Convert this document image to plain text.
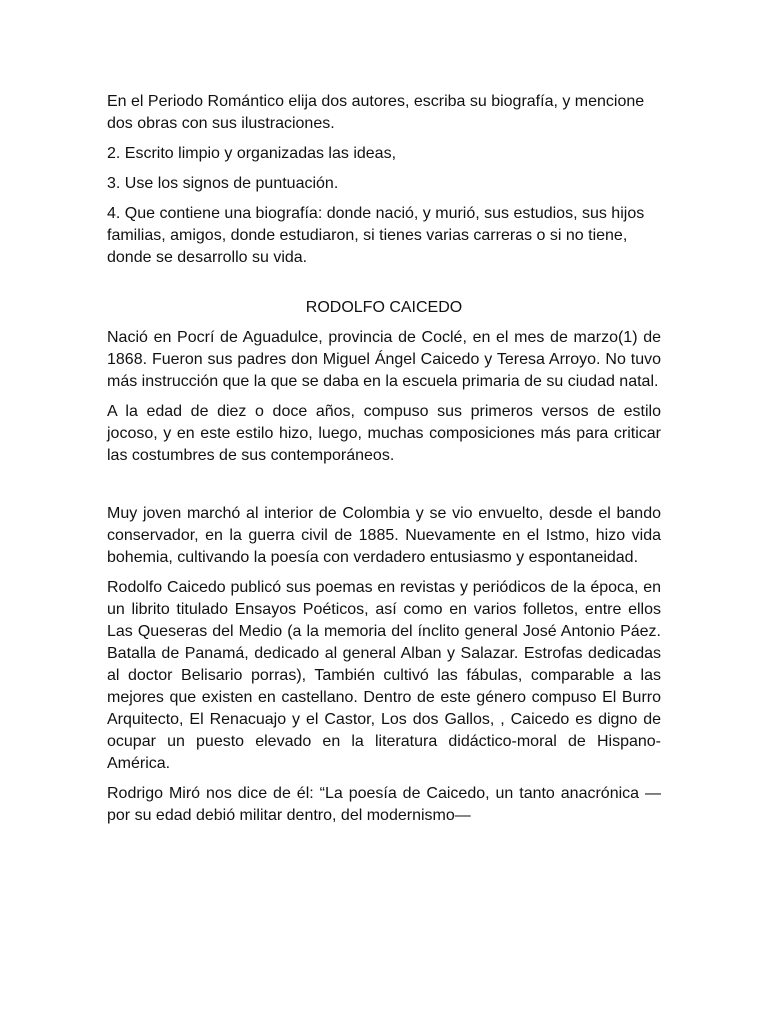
En el Periodo Romántico elija dos autores, escriba su biografía, y mencione dos obras con sus ilustraciones.

2. Escrito limpio y organizadas las ideas,

3. Use los signos de puntuación.

4. Que contiene una biografía: donde nació, y murió, sus estudios, sus hijos familias, amigos, donde estudiaron, si tienes varias carreras o si no tiene, donde se desarrollo su vida.

RODOLFO CAICEDO

Nació en Pocrí de Aguadulce, provincia de Coclé, en el mes de marzo(1) de 1868. Fueron sus padres don Miguel Ángel Caicedo y Teresa Arroyo. No tuvo más instrucción que la que se daba en la escuela primaria de su ciudad natal.

A la edad de diez o doce años, compuso sus primeros versos de estilo jocoso, y en este estilo hizo, luego, muchas composiciones más para criticar las costumbres de sus contemporáneos.

Muy joven marchó al interior de Colombia y se vio envuelto, desde el bando conservador, en la guerra civil de 1885. Nuevamente en el Istmo, hizo vida bohemia, cultivando la poesía con verdadero entusiasmo y espontaneidad.

Rodolfo Caicedo publicó sus poemas en revistas y periódicos de la época, en un librito titulado Ensayos Poéticos, así como en varios folletos, entre ellos Las Queseras del Medio (a la memoria del ínclito general José Antonio Páez. Batalla de Panamá, dedicado al general Alban y Salazar. Estrofas dedicadas al doctor Belisario porras), También cultivó las fábulas, comparable a las mejores que existen en castellano. Dentro de este género compuso El Burro Arquitecto, El Renacuajo y el Castor, Los dos Gallos, , Caicedo es digno de ocupar un puesto elevado en la literatura didáctico-moral de Hispano-América.

Rodrigo Miró nos dice de él: “La poesía de Caicedo, un tanto anacrónica —por su edad debió militar dentro, del modernismo—
